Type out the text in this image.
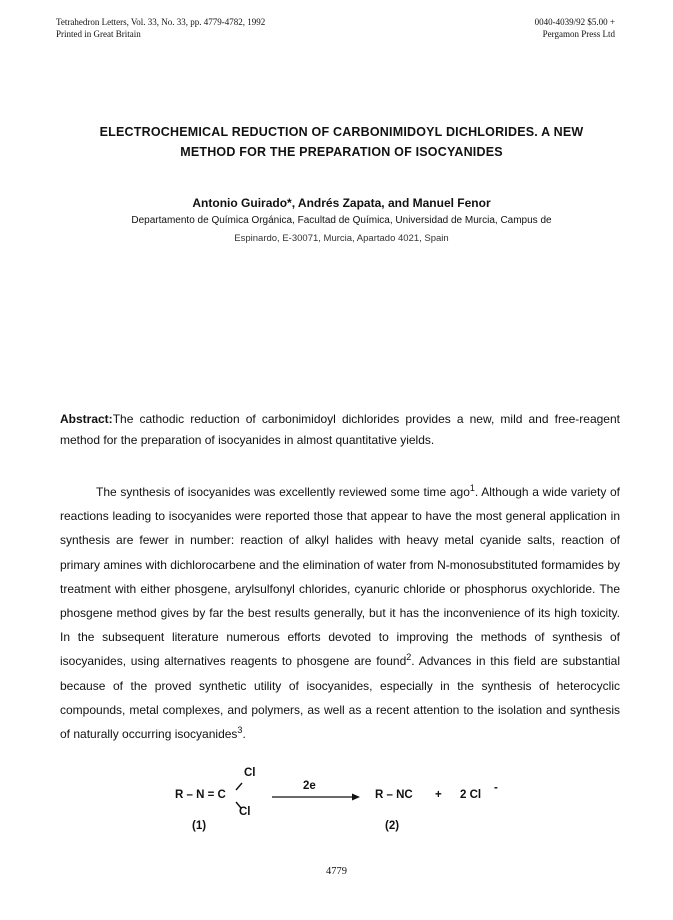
Tetrahedron Letters, Vol. 33, No. 33, pp. 4779-4782, 1992
Printed in Great Britain
0040-4039/92 $5.00 +
Pergamon Press Ltd
ELECTROCHEMICAL REDUCTION OF CARBONIMIDOYL DICHLORIDES. A NEW
METHOD FOR THE PREPARATION OF ISOCYANIDES
Antonio Guirado*, Andrés Zapata, and Manuel Fenor
Departamento de Química Orgánica, Facultad de Química, Universidad de Murcia, Campus de
Espinardo, E-30071, Murcia, Apartado 4021, Spain
Abstract:The cathodic reduction of carbonimidoyl dichlorides provides a new, mild and free-reagent method for the preparation of isocyanides in almost quantitative yields.
The synthesis of isocyanides was excellently reviewed some time ago$^1$. Although a wide variety of reactions leading to isocyanides were reported those that appear to have the most general application in synthesis are fewer in number: reaction of alkyl halides with heavy metal cyanide salts, reaction of primary amines with dichlorocarbene and the elimination of water from N-monosubstituted formamides by treatment with either phosgene, arylsulfonyl chlorides, cyanuric chloride or phosphorus oxychloride. The phosgene method gives by far the best results generally, but it has the inconvenience of its high toxicity. In the subsequent literature numerous efforts devoted to improving the methods of synthesis of isocyanides, using alternatives reagents to phosgene are found$^2$. Advances in this field are substantial because of the proved synthetic utility of isocyanides, especially in the synthesis of heterocyclic compounds, metal complexes, and polymers, as well as a recent attention to the isolation and synthesis of naturally occurring isocyanides$^3$.
Cl
R – N = C
Cl
(1)
2e
R – NC + 2 Cl
-
(2)
4779
